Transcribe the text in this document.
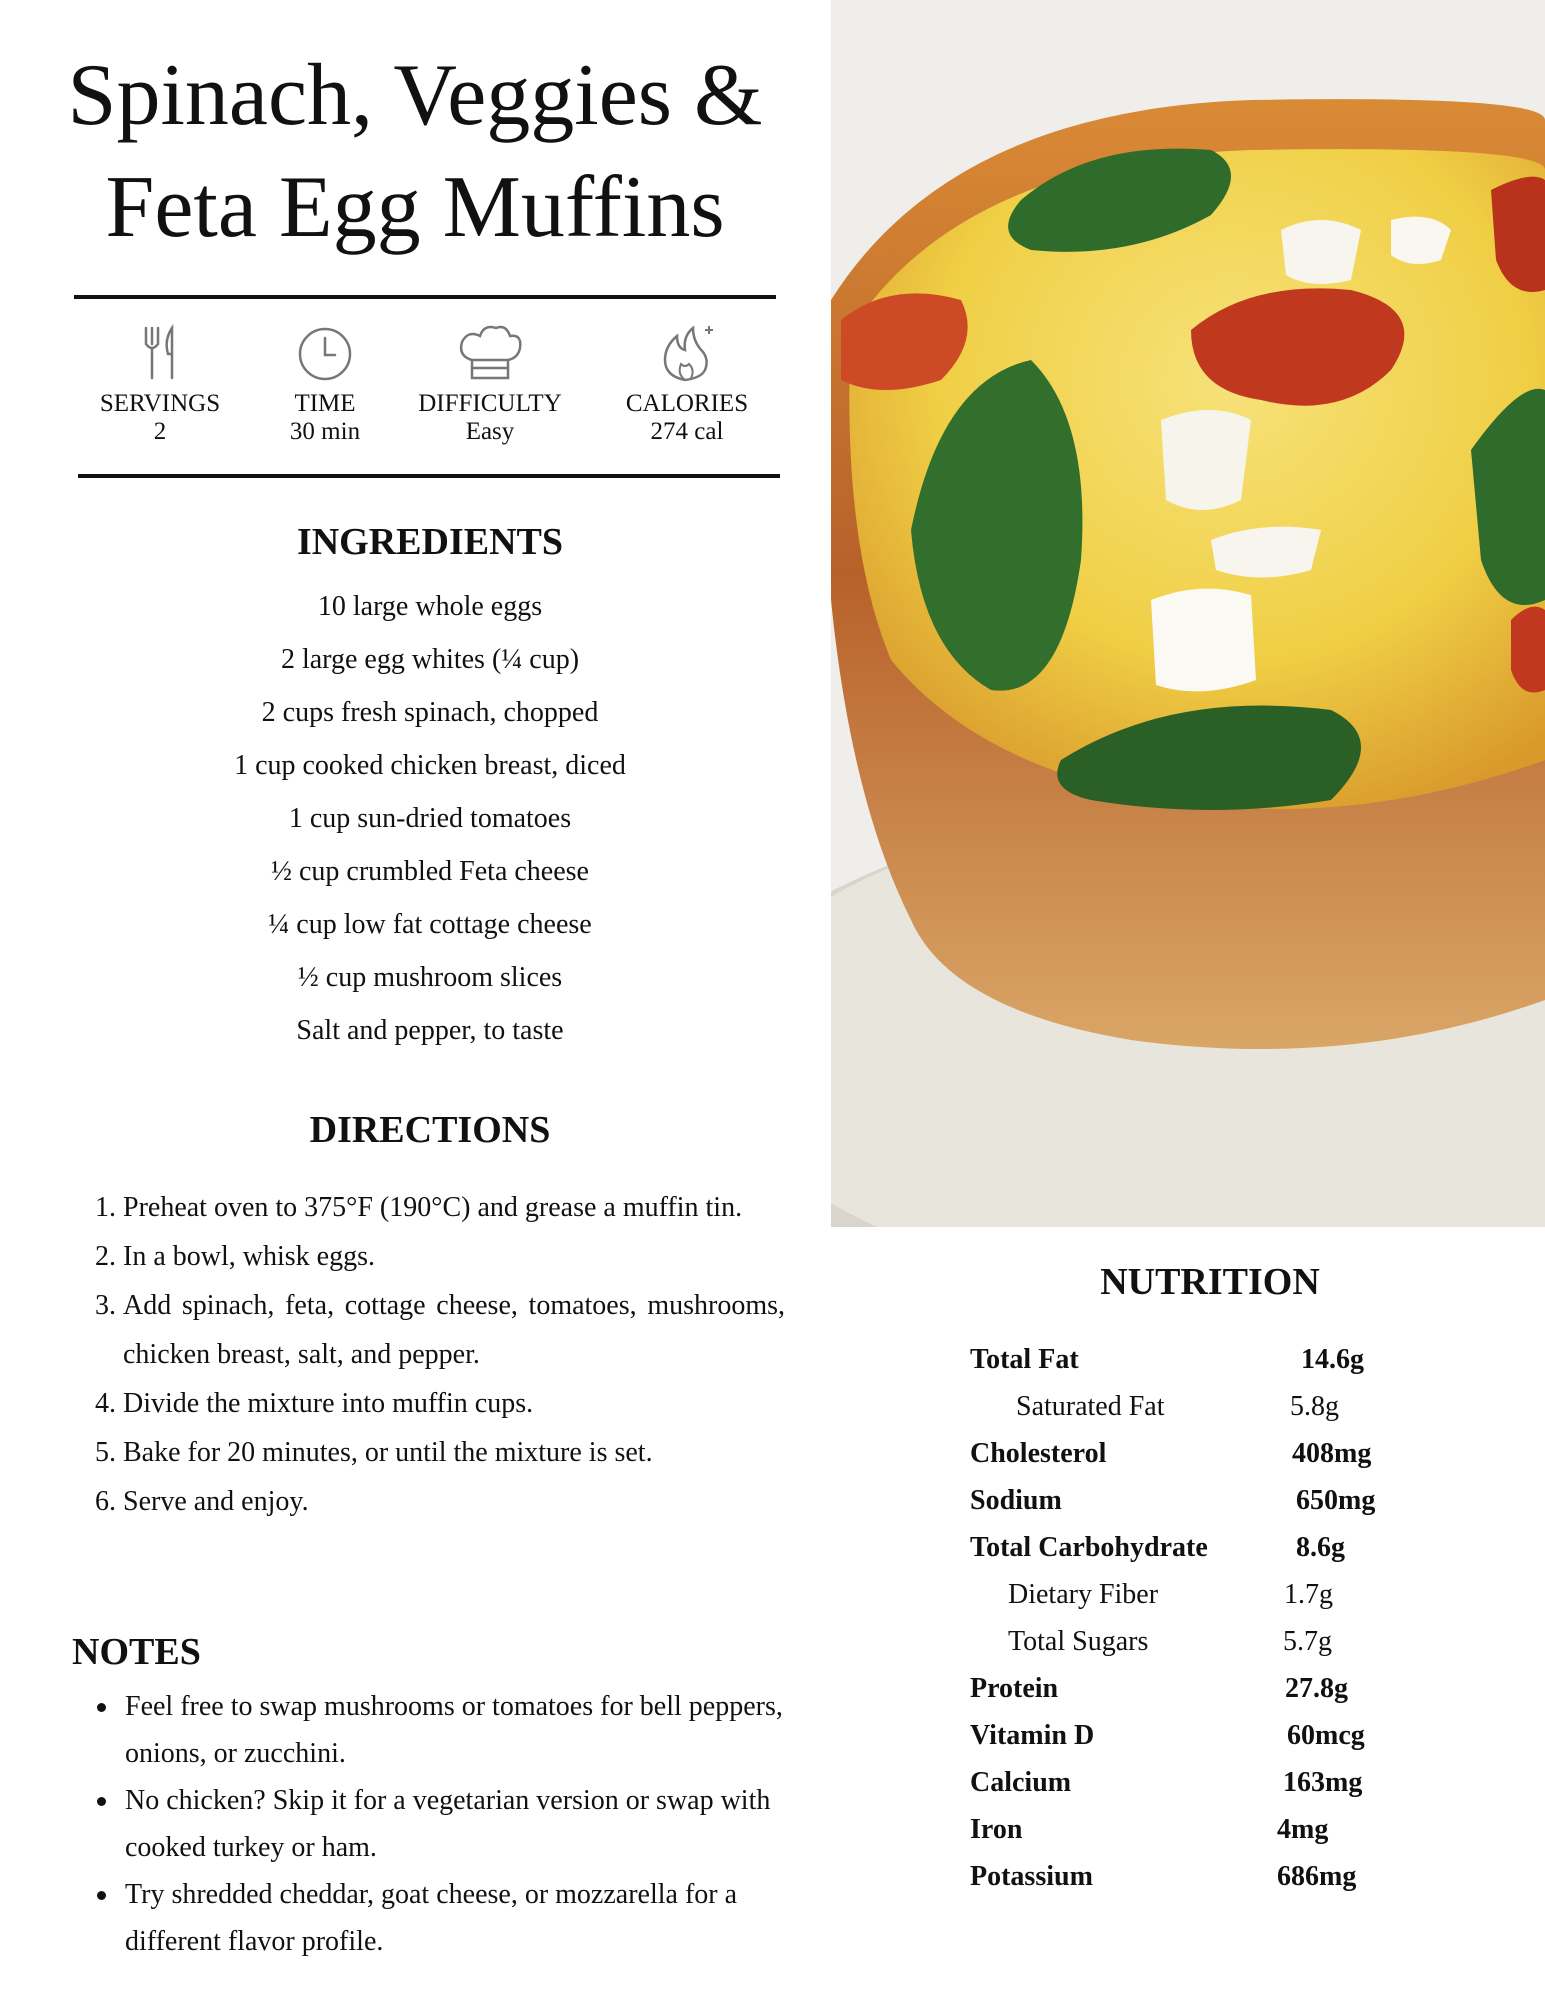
Spinach, Veggies &
Feta Egg Muffins
SERVINGS
2
TIME
30 min
DIFFICULTY
Easy
CALORIES
274 cal
INGREDIENTS
10 large whole eggs
2 large egg whites (¼ cup)
2 cups fresh spinach, chopped
1 cup cooked chicken breast, diced
1 cup sun-dried tomatoes
½ cup crumbled Feta cheese
¼ cup low fat cottage cheese
½ cup mushroom slices
Salt and pepper, to taste
DIRECTIONS
1. Preheat oven to 375°F (190°C) and grease a muffin tin.
2. In a bowl, whisk eggs.
3. Add spinach, feta, cottage cheese, tomatoes, mushrooms, chicken breast, salt, and pepper.
4. Divide the mixture into muffin cups.
5. Bake for 20 minutes, or until the mixture is set.
6. Serve and enjoy.
NOTES
Feel free to swap mushrooms or tomatoes for bell peppers, onions, or zucchini.
No chicken? Skip it for a vegetarian version or swap with cooked turkey or ham.
Try shredded cheddar, goat cheese, or mozzarella for a different flavor profile.
NUTRITION
Total Fat	14.6g
Saturated Fat	5.8g
Cholesterol	408mg
Sodium	650mg
Total Carbohydrate	8.6g
Dietary Fiber	1.7g
Total Sugars	5.7g
Protein	27.8g
Vitamin D	60mcg
Calcium	163mg
Iron	4mg
Potassium	686mg
